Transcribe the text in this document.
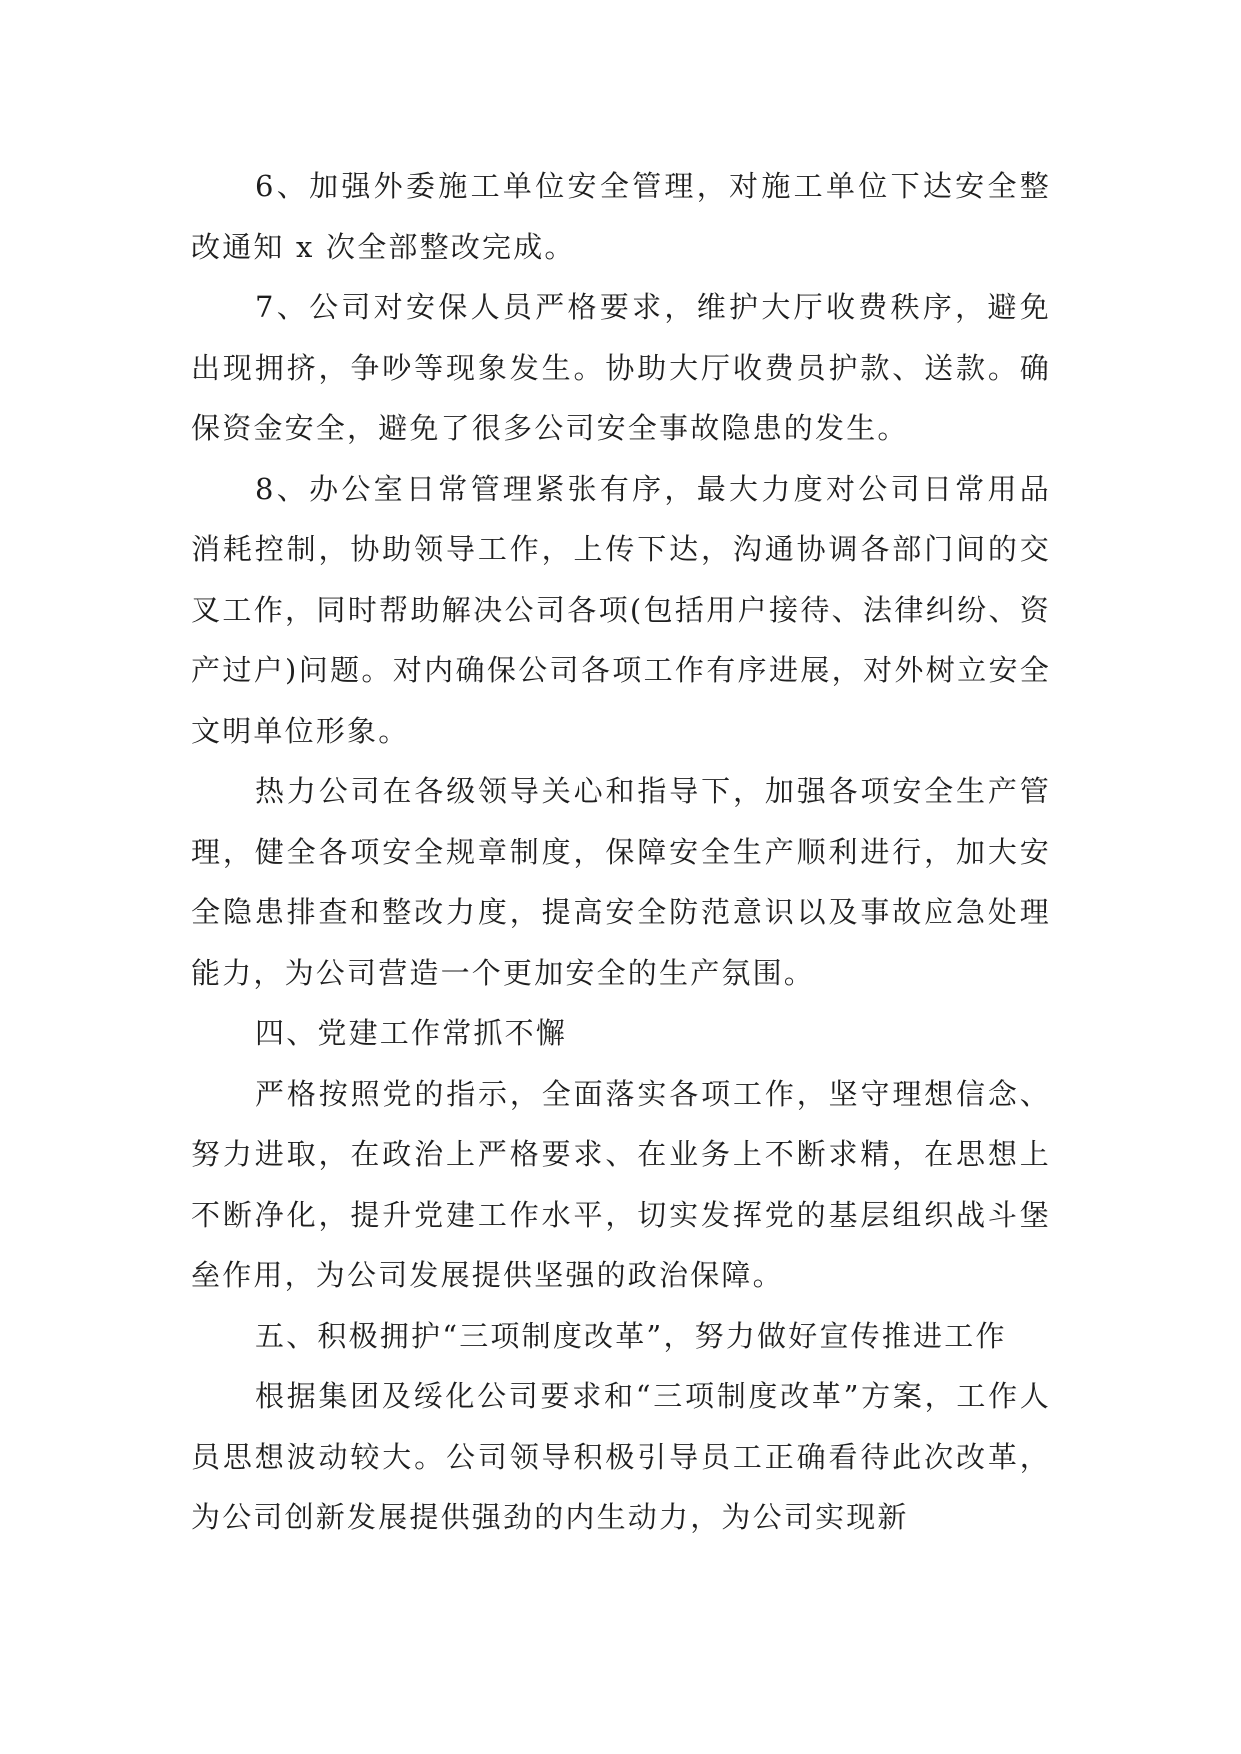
6、加强外委施工单位安全管理，对施工单位下达安全整改通知 x 次全部整改完成。

7、公司对安保人员严格要求，维护大厅收费秩序，避免出现拥挤，争吵等现象发生。协助大厅收费员护款、送款。确保资金安全，避免了很多公司安全事故隐患的发生。

8、办公室日常管理紧张有序，最大力度对公司日常用品消耗控制，协助领导工作，上传下达，沟通协调各部门间的交叉工作，同时帮助解决公司各项(包括用户接待、法律纠纷、资产过户)问题。对内确保公司各项工作有序进展，对外树立安全文明单位形象。

热力公司在各级领导关心和指导下，加强各项安全生产管理，健全各项安全规章制度，保障安全生产顺利进行，加大安全隐患排查和整改力度，提高安全防范意识以及事故应急处理能力，为公司营造一个更加安全的生产氛围。

四、党建工作常抓不懈

严格按照党的指示，全面落实各项工作，坚守理想信念、努力进取，在政治上严格要求、在业务上不断求精，在思想上不断净化，提升党建工作水平，切实发挥党的基层组织战斗堡垒作用，为公司发展提供坚强的政治保障。

五、积极拥护“三项制度改革”，努力做好宣传推进工作

根据集团及绥化公司要求和“三项制度改革”方案，工作人员思想波动较大。公司领导积极引导员工正确看待此次改革，为公司创新发展提供强劲的内生动力，为公司实现新
